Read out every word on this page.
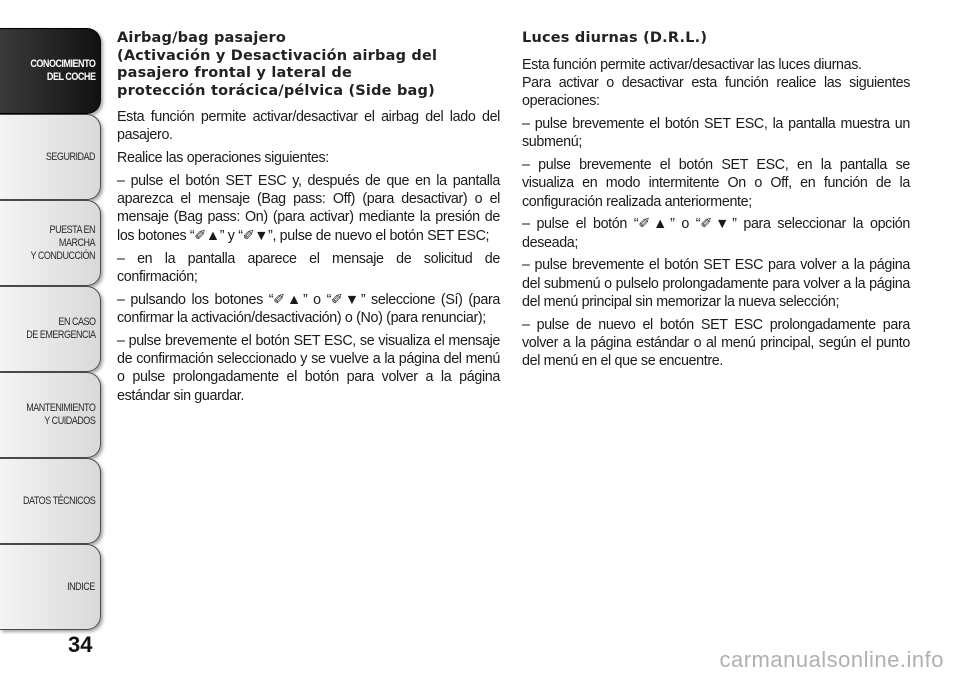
CONOCIMIENTO
DEL COCHE
SEGURIDAD
PUESTA EN MARCHA
Y CONDUCCIÓN
EN CASO
DE EMERGENCIA
MANTENIMIENTO
Y CUIDADOS
DATOS TÉCNICOS
INDICE
34
Airbag/bag pasajero
(Activación y Desactivación airbag del
pasajero frontal y lateral de
protección torácica/pélvica (Side bag)

Esta función permite activar/desactivar el airbag del lado del pasajero.

Realice las operaciones siguientes:

– pulse el botón SET ESC y, después de que en la pantalla aparezca el mensaje (Bag pass: Off) (para desactivar) o el mensaje (Bag pass: On) (para activar) mediante la presión de los botones “✐▲” y “✐▼”, pulse de nuevo el botón SET ESC;

– en la pantalla aparece el mensaje de solicitud de confirmación;

– pulsando los botones “✐▲” o “✐▼” seleccione (Sí) (para confirmar la activación/desactivación) o (No) (para renunciar);

– pulse brevemente el botón SET ESC, se visualiza el mensaje de confirmación seleccionado y se vuelve a la página del menú o pulse prolongadamente el botón para volver a la página estándar sin guardar.

Luces diurnas (D.R.L.)

Esta función permite activar/desactivar las luces diurnas.
Para activar o desactivar esta función realice las siguientes operaciones:

– pulse brevemente el botón SET ESC, la pantalla muestra un submenú;

– pulse brevemente el botón SET ESC, en la pantalla se visualiza en modo intermitente On o Off, en función de la configuración realizada anteriormente;

– pulse el botón “✐▲” o “✐▼” para seleccionar la opción deseada;

– pulse brevemente el botón SET ESC para volver a la página del submenú o pulselo prolongadamente para volver a la página del menú principal sin memorizar la nueva selección;

– pulse de nuevo el botón SET ESC prolongadamente para volver a la página estándar o al menú principal, según el punto del menú en el que se encuentre.

carmanualsonline.info
